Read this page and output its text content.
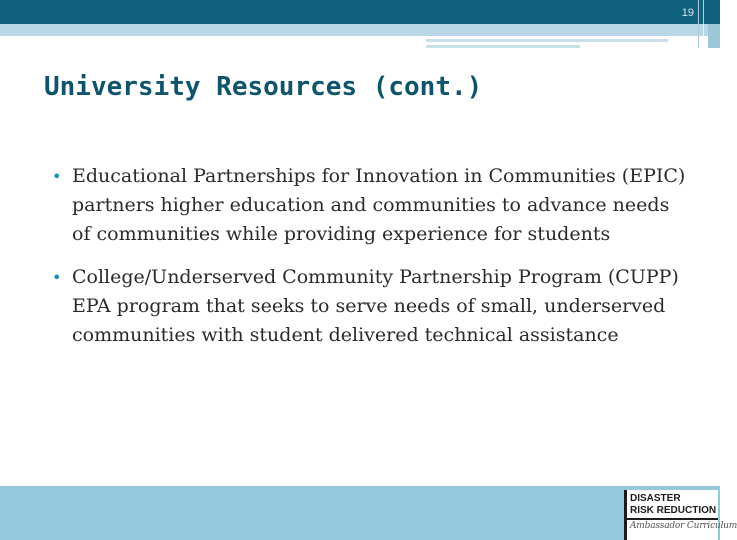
19
University Resources (cont.)
• Educational Partnerships for Innovation in Communities (EPIC) partners higher education and communities to advance needs of communities while providing experience for students
• College/Underserved Community Partnership Program (CUPP) EPA program that seeks to serve needs of small, underserved communities with student delivered technical assistance
DISASTER
RISK REDUCTION
Ambassador Curriculum
